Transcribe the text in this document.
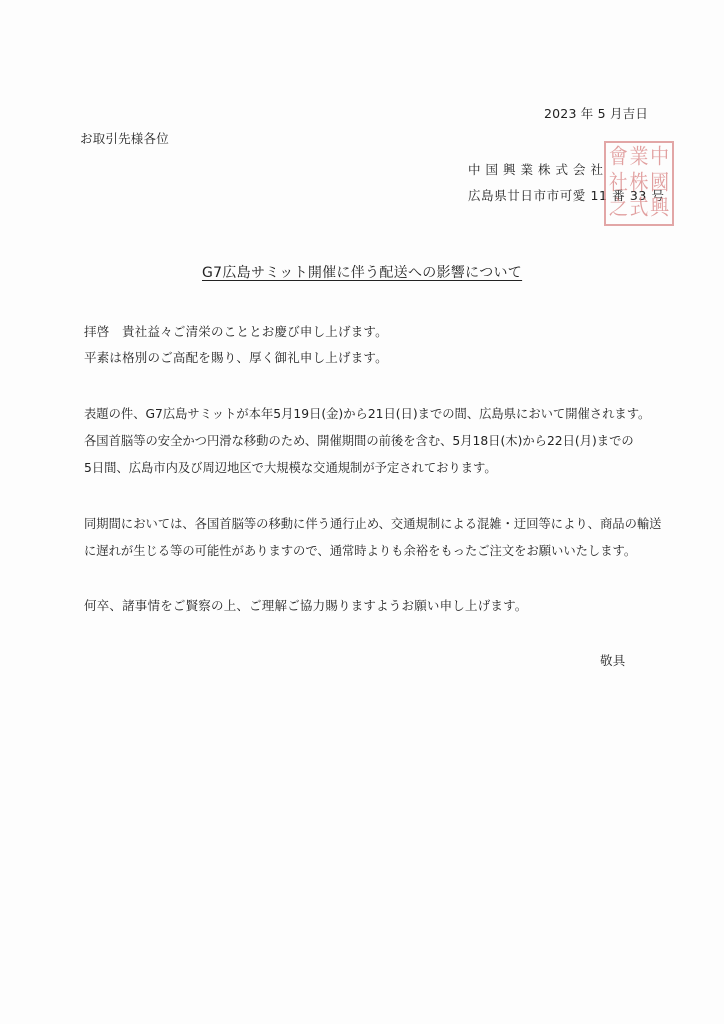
2023 年 5 月吉日
お取引先様各位
中国興業株式会社
広島県廿日市市可愛 11 番 33 号
會 業 中
社 株 國
之 式 興
G7広島サミット開催に伴う配送への影響について
拝啓　貴社益々ご清栄のこととお慶び申し上げます。
平素は格別のご高配を賜り、厚く御礼申し上げます。
表題の件、G7広島サミットが本年5月19日(金)から21日(日)までの間、広島県において開催されます。
各国首脳等の安全かつ円滑な移動のため、開催期間の前後を含む、5月18日(木)から22日(月)までの
5日間、広島市内及び周辺地区で大規模な交通規制が予定されております。
同期間においては、各国首脳等の移動に伴う通行止め、交通規制による混雑・迂回等により、商品の輸送
に遅れが生じる等の可能性がありますので、通常時よりも余裕をもったご注文をお願いいたします。
何卒、諸事情をご賢察の上、ご理解ご協力賜りますようお願い申し上げます。
敬具
